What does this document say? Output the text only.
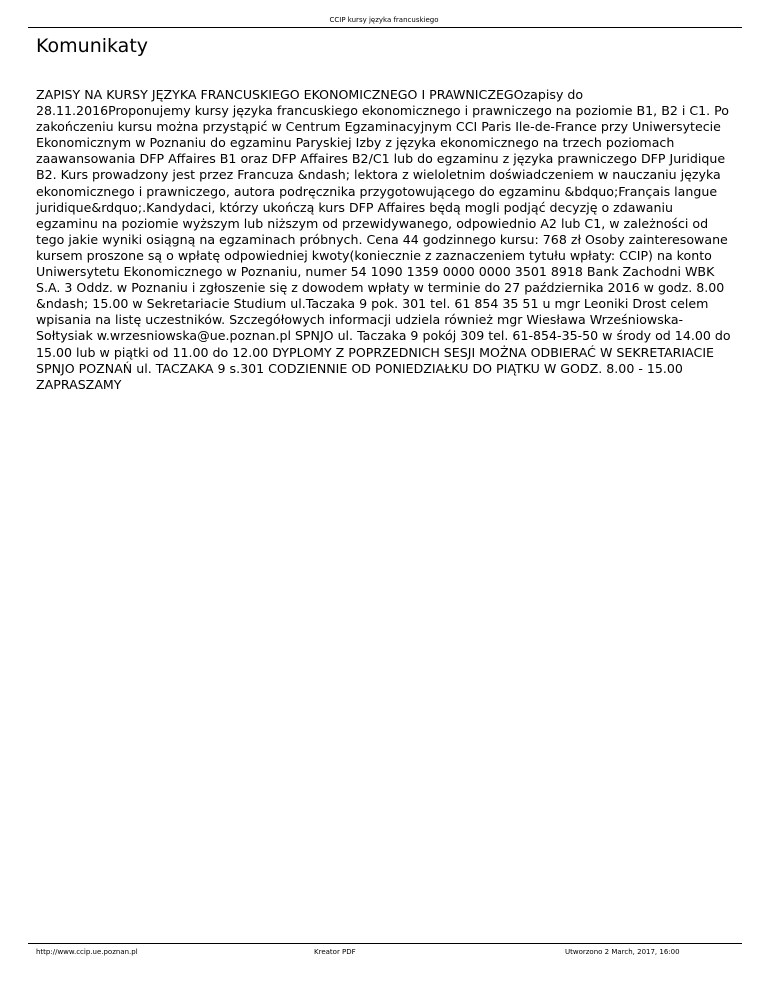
CCIP kursy języka francuskiego
Komunikaty

ZAPISY NA KURSY JĘZYKA FRANCUSKIEGO EKONOMICZNEGO I PRAWNICZEGOzapisy do 28.11.2016Proponujemy kursy języka francuskiego ekonomicznego i prawniczego na poziomie B1, B2 i C1. Po zakończeniu kursu można przystąpić w Centrum Egzaminacyjnym CCI Paris Ile-de-France przy Uniwersytecie Ekonomicznym w Poznaniu do egzaminu Paryskiej Izby z języka ekonomicznego na trzech poziomach zaawansowania DFP Affaires B1 oraz DFP Affaires B2/C1 lub do egzaminu z języka prawniczego DFP Juridique B2. Kurs prowadzony jest przez Francuza &ndash; lektora z wieloletnim doświadczeniem w nauczaniu języka ekonomicznego i prawniczego, autora podręcznika przygotowującego do egzaminu &bdquo;Français langue juridique&rdquo;.Kandydaci, którzy ukończą kurs DFP Affaires będą mogli podjąć decyzję o zdawaniu egzaminu na poziomie wyższym lub niższym od przewidywanego, odpowiednio A2 lub C1, w zależności od tego jakie wyniki osiągną na egzaminach próbnych. Cena 44 godzinnego kursu: 768 zł Osoby zainteresowane kursem proszone są o wpłatę odpowiedniej kwoty(koniecznie z zaznaczeniem tytułu wpłaty: CCIP) na konto Uniwersytetu Ekonomicznego w Poznaniu, numer 54 1090 1359 0000 0000 3501 8918 Bank Zachodni WBK S.A. 3 Oddz. w Poznaniu i zgłoszenie się z dowodem wpłaty w terminie do 27 października 2016 w godz. 8.00 &ndash; 15.00 w Sekretariacie Studium ul.Taczaka 9 pok. 301 tel. 61 854 35 51 u mgr Leoniki Drost celem wpisania na listę uczestników. Szczegółowych informacji udziela również mgr Wiesława Wrześniowska-Sołtysiak w.wrzesniowska@ue.poznan.pl SPNJO ul. Taczaka 9 pokój 309 tel. 61-854-35-50 w środy od 14.00 do 15.00 lub w piątki od 11.00 do 12.00 DYPLOMY Z POPRZEDNICH SESJI MOŻNA ODBIERAĆ W SEKRETARIACIE SPNJO POZNAŃ ul. TACZAKA 9 s.301 CODZIENNIE OD PONIEDZIAŁKU DO PIĄTKU W GODZ. 8.00 - 15.00 ZAPRASZAMY

http://www.ccip.ue.poznan.pl	Kreator PDF	Utworzono 2 March, 2017, 16:00
